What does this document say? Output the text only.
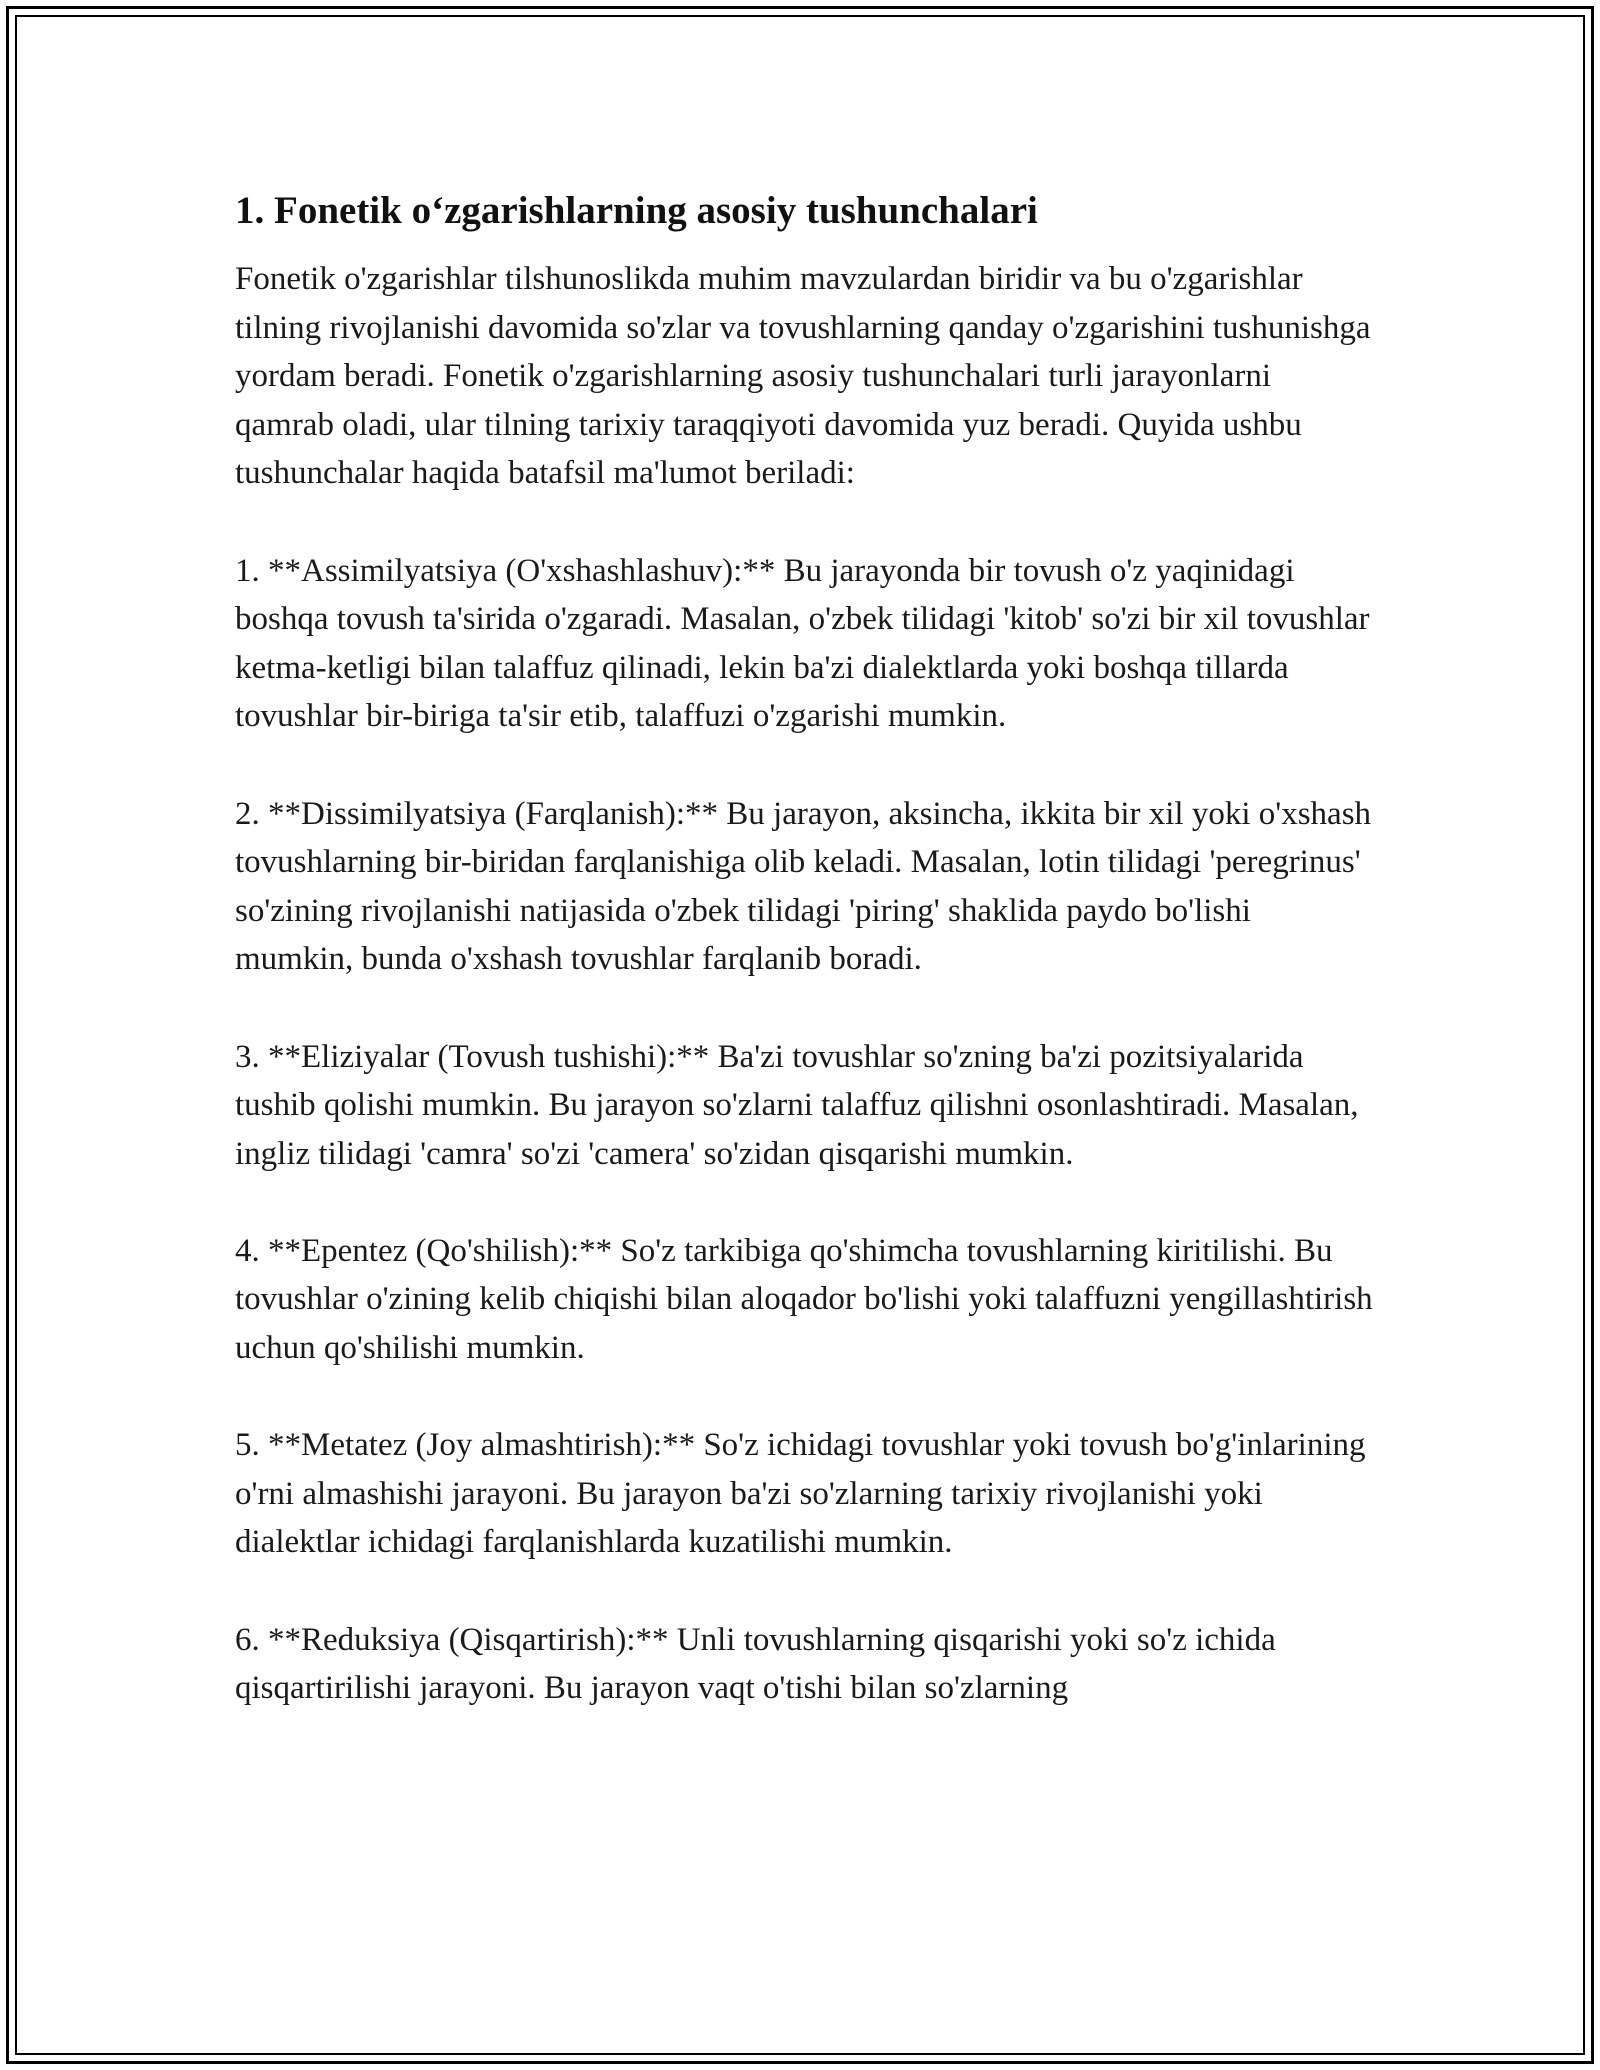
1. Fonetik o‘zgarishlarning asosiy tushunchalari

Fonetik o'zgarishlar tilshunoslikda muhim mavzulardan biridir va bu o'zgarishlar tilning rivojlanishi davomida so'zlar va tovushlarning qanday o'zgarishini tushunishga yordam beradi. Fonetik o'zgarishlarning asosiy tushunchalari turli jarayonlarni qamrab oladi, ular tilning tarixiy taraqqiyoti davomida yuz beradi. Quyida ushbu tushunchalar haqida batafsil ma'lumot beriladi:

1. **Assimilyatsiya (O'xshashlashuv):** Bu jarayonda bir tovush o'z yaqinidagi boshqa tovush ta'sirida o'zgaradi. Masalan, o'zbek tilidagi 'kitob' so'zi bir xil tovushlar ketma-ketligi bilan talaffuz qilinadi, lekin ba'zi dialektlarda yoki boshqa tillarda tovushlar bir-biriga ta'sir etib, talaffuzi o'zgarishi mumkin.

2. **Dissimilyatsiya (Farqlanish):** Bu jarayon, aksincha, ikkita bir xil yoki o'xshash tovushlarning bir-biridan farqlanishiga olib keladi. Masalan, lotin tilidagi 'peregrinus' so'zining rivojlanishi natijasida o'zbek tilidagi 'piring' shaklida paydo bo'lishi mumkin, bunda o'xshash tovushlar farqlanib boradi.

3. **Eliziyalar (Tovush tushishi):** Ba'zi tovushlar so'zning ba'zi pozitsiyalarida tushib qolishi mumkin. Bu jarayon so'zlarni talaffuz qilishni osonlashtiradi. Masalan, ingliz tilidagi 'camra' so'zi 'camera' so'zidan qisqarishi mumkin.

4. **Epentez (Qo'shilish):** So'z tarkibiga qo'shimcha tovushlarning kiritilishi. Bu tovushlar o'zining kelib chiqishi bilan aloqador bo'lishi yoki talaffuzni yengillashtirish uchun qo'shilishi mumkin.

5. **Metatez (Joy almashtirish):** So'z ichidagi tovushlar yoki tovush bo'g'inlarining o'rni almashishi jarayoni. Bu jarayon ba'zi so'zlarning tarixiy rivojlanishi yoki dialektlar ichidagi farqlanishlarda kuzatilishi mumkin.

6. **Reduksiya (Qisqartirish):** Unli tovushlarning qisqarishi yoki so'z ichida qisqartirilishi jarayoni. Bu jarayon vaqt o'tishi bilan so'zlarning
